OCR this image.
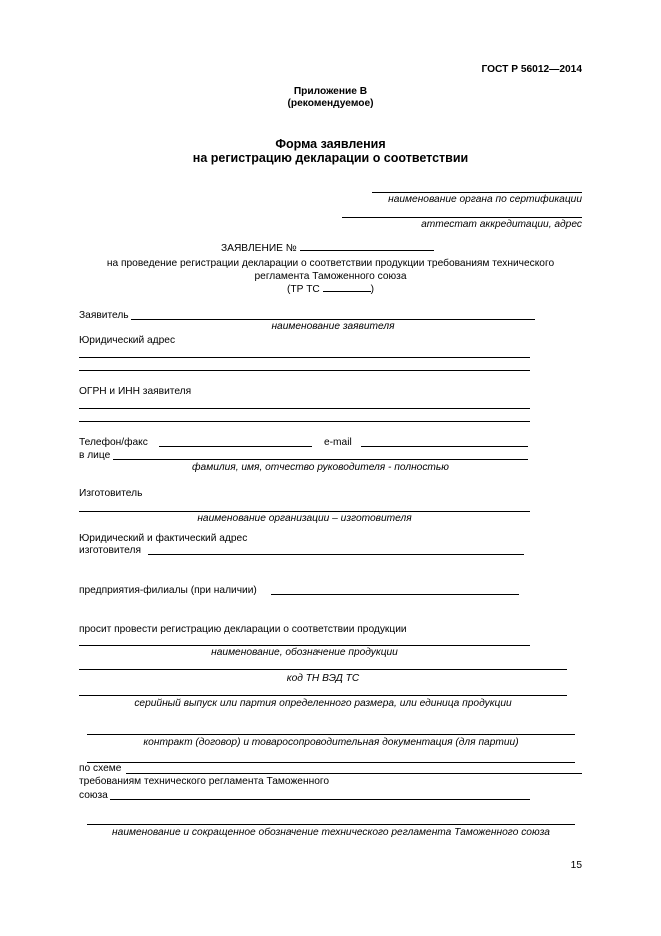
ГОСТ Р 56012—2014
Приложение В
(рекомендуемое)
Форма заявления
на регистрацию декларации о соответствии
наименование органа по сертификации
аттестат аккредитации, адрес
ЗАЯВЛЕНИЕ №
на проведение регистрации декларации о соответствии продукции требованиям технического
регламента Таможенного союза
(ТР ТС	)
Заявитель
наименование заявителя
Юридический адрес
ОГРН и ИНН заявителя
Телефон/факс	e-mail
в лице
фамилия, имя, отчество руководителя - полностью
Изготовитель
наименование организации – изготовителя
Юридический и фактический адрес
изготовителя
предприятия-филиалы (при наличии)
просит провести регистрацию декларации о соответствии продукции
наименование, обозначение продукции
код ТН ВЭД ТС
серийный выпуск или партия определенного размера, или единица продукции
контракт (договор) и товаросопроводительная документация (для партии)
по схеме
требованиям технического регламента Таможенного
союза
наименование и сокращенное обозначение технического регламента Таможенного союза
15
